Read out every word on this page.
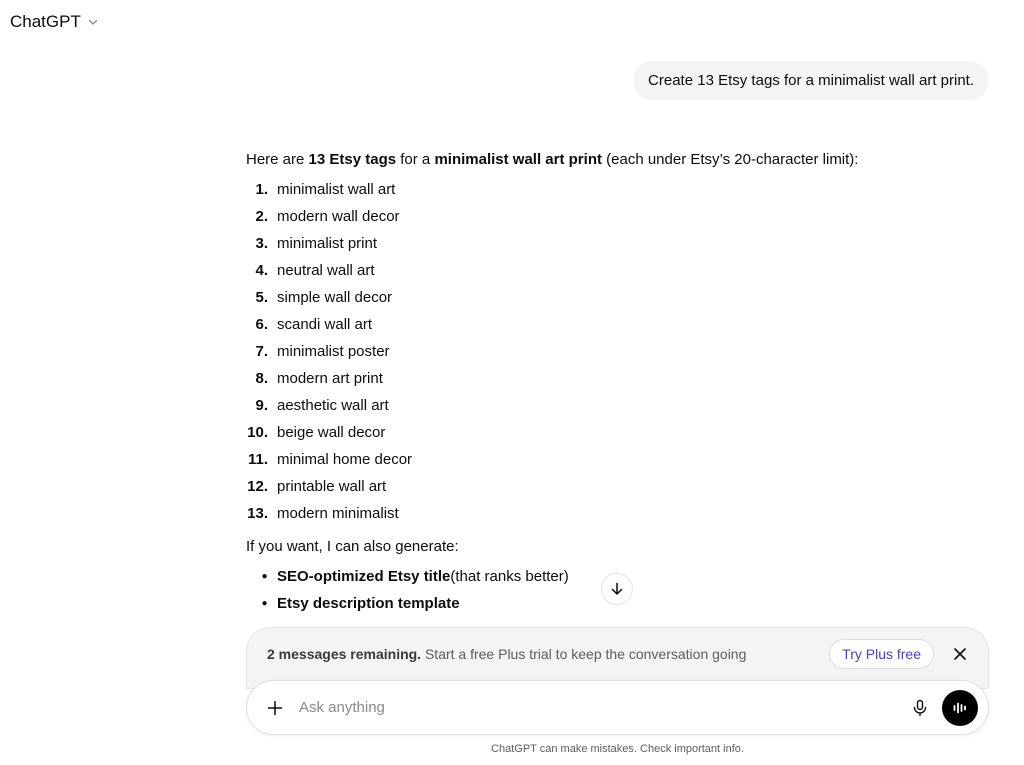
ChatGPT
Create 13 Etsy tags for a minimalist wall art print.

Here are 13 Etsy tags for a minimalist wall art print (each under Etsy’s 20-character limit):

1. minimalist wall art
2. modern wall decor
3. minimalist print
4. neutral wall art
5. simple wall decor
6. scandi wall art
7. minimalist poster
8. modern art print
9. aesthetic wall art
10. beige wall decor
11. minimal home decor
12. printable wall art
13. modern minimalist

If you want, I can also generate:

● SEO-optimized Etsy title (that ranks better)
● Etsy description template
2 messages remaining. Start a free Plus trial to keep the conversation going	Try Plus free
Ask anything
ChatGPT can make mistakes. Check important info.
